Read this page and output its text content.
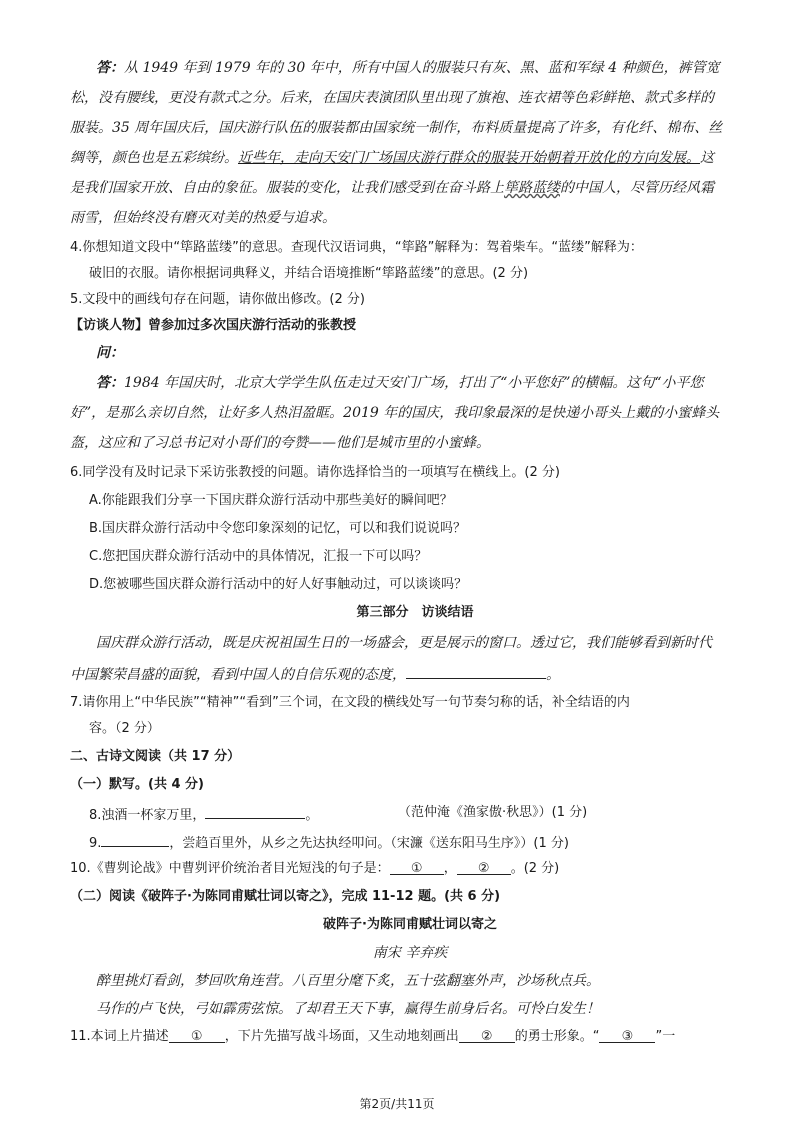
答：从 1949 年到 1979 年的 30 年中，所有中国人的服装只有灰、黑、蓝和军绿 4 种颜色，裤管宽
松，没有腰线，更没有款式之分。后来，在国庆表演团队里出现了旗袍、连衣裙等色彩鲜艳、款式多样的
服装。35 周年国庆后，国庆游行队伍的服装都由国家统一制作，布料质量提高了许多，有化纤、棉布、丝
绸等，颜色也是五彩缤纷。近些年，走向天安门广场国庆游行群众的服装开始朝着开放化的方向发展。这
是我们国家开放、自由的象征。服装的变化，让我们感受到在奋斗路上筚路蓝缕的中国人，尽管历经风霜
雨雪，但始终没有磨灭对美的热爱与追求。
4.你想知道文段中“筚路蓝缕”的意思。查现代汉语词典，“筚路”解释为：驾着柴车。“蓝缕”解释为：
破旧的衣服。请你根据词典释义，并结合语境推断“筚路蓝缕”的意思。(2 分)
5.文段中的画线句存在问题，请你做出修改。(2 分)
【访谈人物】曾参加过多次国庆游行活动的张教授
问：
答：1984 年国庆时，北京大学学生队伍走过天安门广场，打出了“小平您好”的横幅。这句“小平您
好”，是那么亲切自然，让好多人热泪盈眶。2019 年的国庆，我印象最深的是快递小哥头上戴的小蜜蜂头
盔，这应和了习总书记对小哥们的夸赞——他们是城市里的小蜜蜂。
6.同学没有及时记录下采访张教授的问题。请你选择恰当的一项填写在横线上。(2 分)
A.你能跟我们分享一下国庆群众游行活动中那些美好的瞬间吧？
B.国庆群众游行活动中令您印象深刻的记忆，可以和我们说说吗？
C.您把国庆群众游行活动中的具体情况，汇报一下可以吗？
D.您被哪些国庆群众游行活动中的好人好事触动过，可以谈谈吗？
第三部分　访谈结语
国庆群众游行活动，既是庆祝祖国生日的一场盛会，更是展示的窗口。透过它，我们能够看到新时代
中国繁荣昌盛的面貌，看到中国人的自信乐观的态度，	。
7.请你用上“中华民族”“精神”“看到”三个词，在文段的横线处写一句节奏匀称的话，补全结语的内
容。（2 分）
二、古诗文阅读（共 17 分）
（一）默写。(共 4 分)
8.浊酒一杯家万里，	。	（范仲淹《渔家傲·秋思》）(1 分)
9.	，尝趋百里外，从乡之先达执经叩问。（宋濂《送东阳马生序》）(1 分)
10.《曹刿论战》中曹刿评价统治者目光短浅的句子是： ① ， ② 。(2 分)
（二）阅读《破阵子·为陈同甫赋壮词以寄之》，完成 11-12 题。(共 6 分)
破阵子·为陈同甫赋壮词以寄之
南宋 辛弃疾
醉里挑灯看剑，梦回吹角连营。八百里分麾下炙，五十弦翻塞外声，沙场秋点兵。
马作的卢飞快，弓如霹雳弦惊。了却君王天下事，赢得生前身后名。可怜白发生！
11.本词上片描述 ① ，下片先描写战斗场面，又生动地刻画出 ② 的勇士形象。“ ③ ”一
第2页/共11页
